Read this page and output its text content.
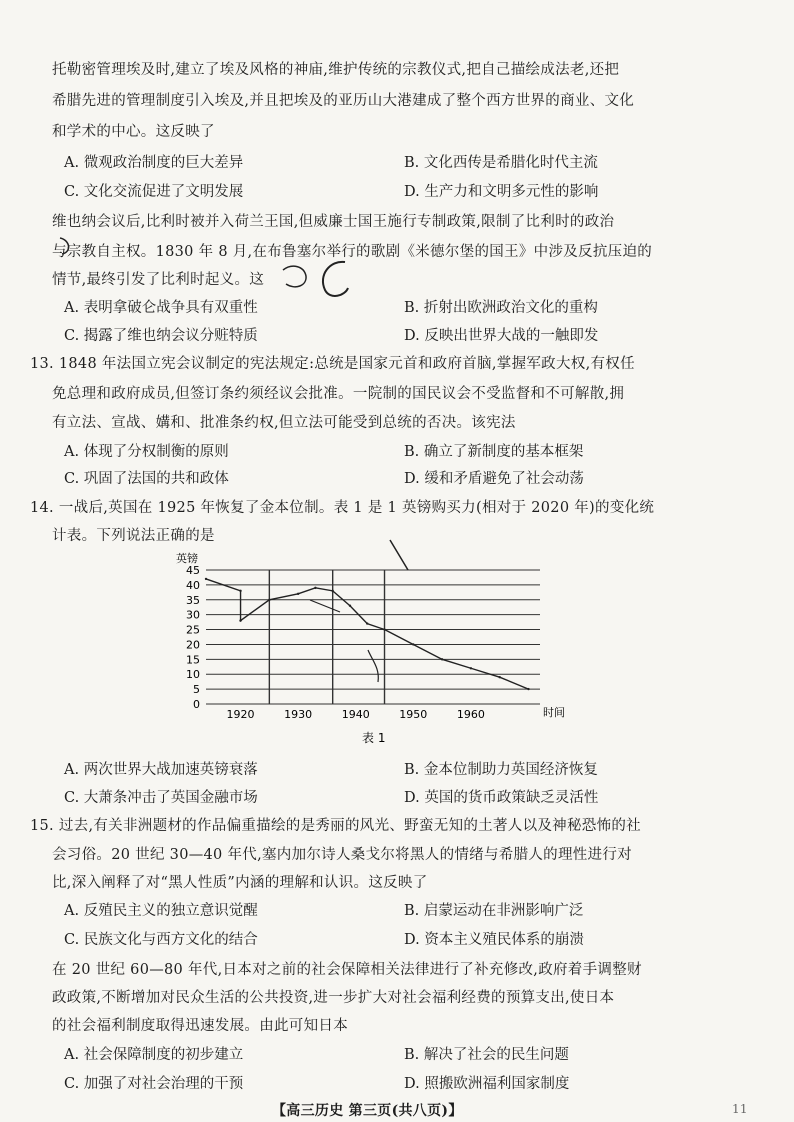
托勒密管理埃及时,建立了埃及风格的神庙,维护传统的宗教仪式,把自己描绘成法老,还把
希腊先进的管理制度引入埃及,并且把埃及的亚历山大港建成了整个西方世界的商业、文化
和学术的中心。这反映了
A. 微观政治制度的巨大差异	B. 文化西传是希腊化时代主流
C. 文化交流促进了文明发展	D. 生产力和文明多元性的影响
维也纳会议后,比利时被并入荷兰王国,但威廉士国王施行专制政策,限制了比利时的政治
与宗教自主权。1830 年 8 月,在布鲁塞尔举行的歌剧《米德尔堡的国王》中涉及反抗压迫的
情节,最终引发了比利时起义。这
A. 表明拿破仑战争具有双重性	B. 折射出欧洲政治文化的重构
C. 揭露了维也纳会议分赃特质	D. 反映出世界大战的一触即发
13. 1848 年法国立宪会议制定的宪法规定:总统是国家元首和政府首脑,掌握军政大权,有权任
免总理和政府成员,但签订条约须经议会批准。一院制的国民议会不受监督和不可解散,拥
有立法、宣战、媾和、批准条约权,但立法可能受到总统的否决。该宪法
A. 体现了分权制衡的原则	B. 确立了新制度的基本框架
C. 巩固了法国的共和政体	D. 缓和矛盾避免了社会动荡
14. 一战后,英国在 1925 年恢复了金本位制。表 1 是 1 英镑购买力(相对于 2020 年)的变化统
计表。下列说法正确的是
0
5
10
15
20
25
30
35
40
45
1920	1930	1940	1950	1960
英镑
时间
表 1
A. 两次世界大战加速英镑衰落	B. 金本位制助力英国经济恢复
C. 大萧条冲击了英国金融市场	D. 英国的货币政策缺乏灵活性
15. 过去,有关非洲题材的作品偏重描绘的是秀丽的风光、野蛮无知的土著人以及神秘恐怖的社
会习俗。20 世纪 30—40 年代,塞内加尔诗人桑戈尔将黑人的情绪与希腊人的理性进行对
比,深入阐释了对“黑人性质”内涵的理解和认识。这反映了
A. 反殖民主义的独立意识觉醒	B. 启蒙运动在非洲影响广泛
C. 民族文化与西方文化的结合	D. 资本主义殖民体系的崩溃
在 20 世纪 60—80 年代,日本对之前的社会保障相关法律进行了补充修改,政府着手调整财
政政策,不断增加对民众生活的公共投资,进一步扩大对社会福利经费的预算支出,使日本
的社会福利制度取得迅速发展。由此可知日本
A. 社会保障制度的初步建立	B. 解决了社会的民生问题
C. 加强了对社会治理的干预	D. 照搬欧洲福利国家制度
【高三历史 第三页(共八页)】	11
